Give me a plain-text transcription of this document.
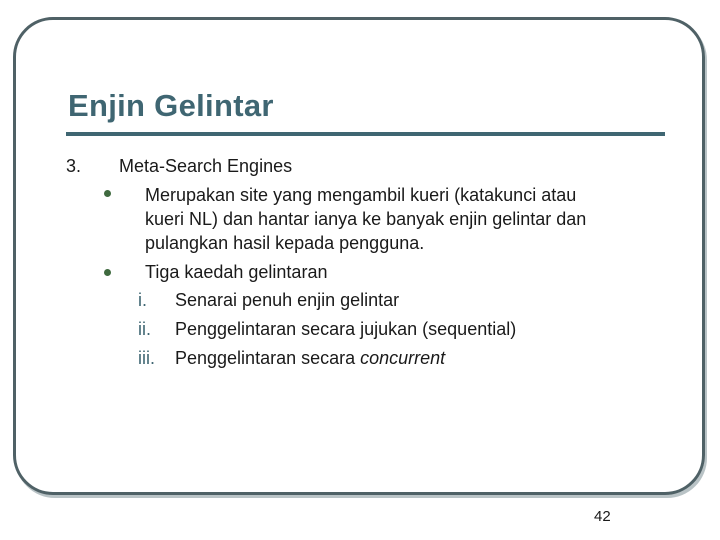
Enjin Gelintar
3. Meta-Search Engines
Merupakan site yang mengambil kueri (katakunci atau
kueri NL) dan hantar ianya ke banyak enjin gelintar dan
pulangkan hasil kepada pengguna.
Tiga kaedah gelintaran
i. Senarai penuh enjin gelintar
ii. Penggelintaran secara jujukan (sequential)
iii. Penggelintaran secara concurrent
42
